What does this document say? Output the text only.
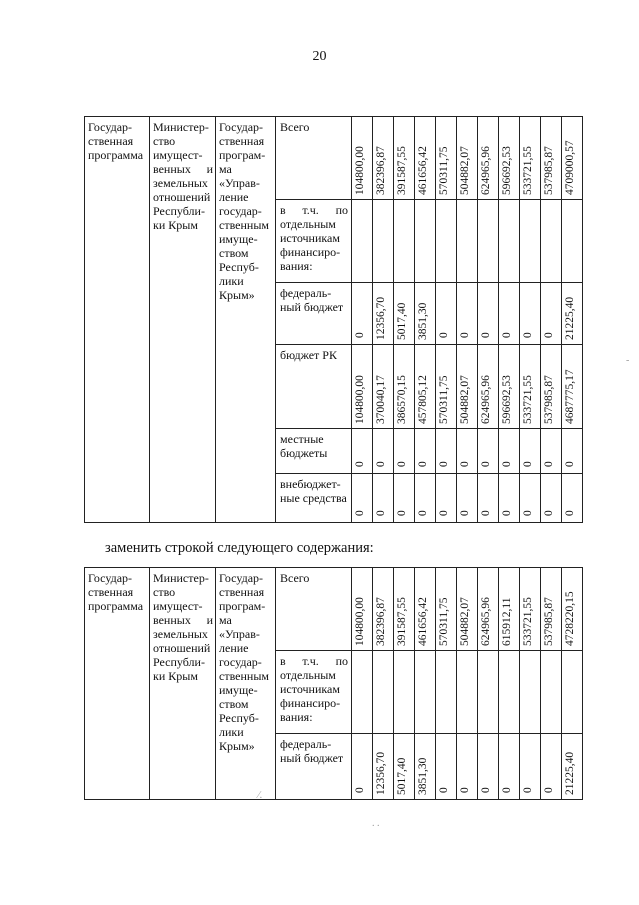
20
Государ-ственная программа	Министер-ство имущест-венных и земельных отношений Республи-ки Крым	Государ-ственная програм-ма «Управ-ление государ-ственным имуще-ством Респуб-лики Крым»	Всего	104800,00	382396,87	391587,55	461656,42	570311,75	504882,07	624965,96	596692,53	533721,55	537985,87	4709000,57

			в т.ч. по отдельным источникам финансиро-вания:	

			федераль-ный бюджет	0	12356,70	5017,40	3851,30	0	0	0	0	0	0	21225,40

			бюджет РК	104800,00	370040,17	386570,15	457805,12	570311,75	504882,07	624965,96	596692,53	533721,55	537985,87	4687775,17

			местные бюджеты	0	0	0	0	0	0	0	0	0	0	0

			внебюджет-ные средства	0	0	0	0	0	0	0	0	0	0	0
заменить строкой следующего содержания:
Государ-ственная программа	Министер-ство имущест-венных и земельных отношений Республи-ки Крым	Государ-ственная програм-ма «Управ-ление государ-ственным имуще-ством Респуб-лики Крым»	Всего	104800,00	382396,87	391587,55	461656,42	570311,75	504882,07	624965,96	615912,11	533721,55	537985,87	4728220,15

			в т.ч. по отдельным источникам финансиро-вания:	

			федераль-ный бюджет	0	12356,70	5017,40	3851,30	0	0	0	0	0	0	21225,40
⁄.
. .
-
